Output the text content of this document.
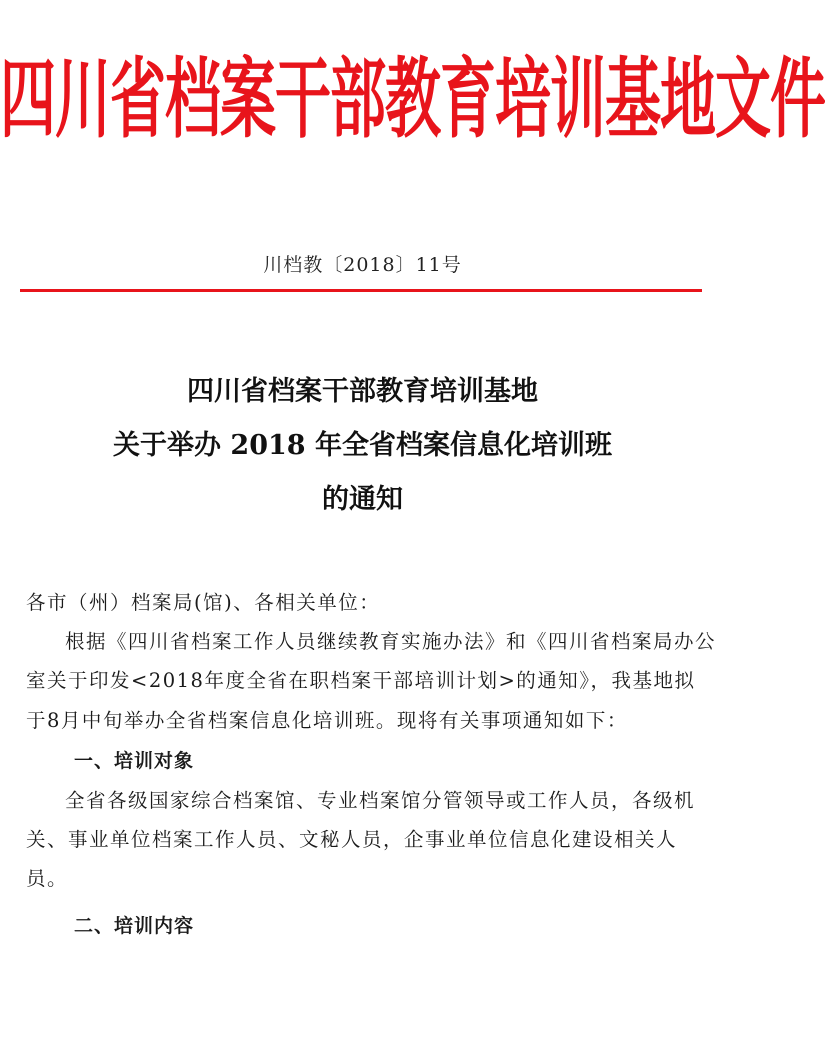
四川省档案干部教育培训基地文件
川档教〔2018〕11号
四川省档案干部教育培训基地
关于举办 2018 年全省档案信息化培训班
的通知

各市（州）档案局(馆)、各相关单位：

根据《四川省档案工作人员继续教育实施办法》和《四川省档案局办公室关于印发<2018年度全省在职档案干部培训计划>的通知》，我基地拟于8月中旬举办全省档案信息化培训班。现将有关事项通知如下：

一、培训对象

全省各级国家综合档案馆、专业档案馆分管领导或工作人员，各级机关、事业单位档案工作人员、文秘人员，企事业单位信息化建设相关人员。

二、培训内容
